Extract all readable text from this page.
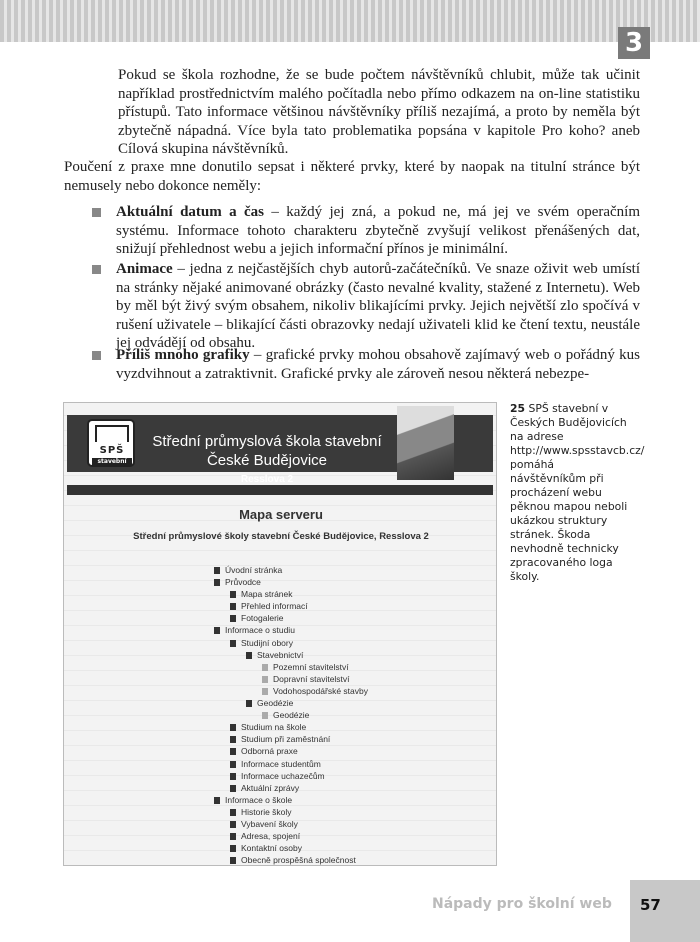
3

Pokud se škola rozhodne, že se bude počtem návštěvníků chlubit, může tak učinit například prostřednictvím malého počítadla nebo přímo odkazem na on-line statistiku přístupů. Tato informace většinou návštěvníky příliš nezajímá, a proto by neměla být zbytečně nápadná. Více byla tato problematika popsána v kapitole Pro koho? aneb Cílová skupina návštěvníků.

Poučení z praxe mne donutilo sepsat i některé prvky, které by naopak na titulní stránce být nemusely nebo dokonce neměly:

Aktuální datum a čas – každý jej zná, a pokud ne, má jej ve svém operačním systému. Informace tohoto charakteru zbytečně zvyšují velikost přenášených dat, snižují přehlednost webu a jejich informační přínos je minimální.
Animace – jedna z nejčastějších chyb autorů-začátečníků. Ve snaze oživit web umístí na stránky nějaké animované obrázky (často nevalné kvality, stažené z Internetu). Web by měl být živý svým obsahem, nikoliv blikajícími prvky. Jejich největší zlo spočívá v rušení uživatele – blikající části obrazovky nedají uživateli klid ke čtení textu, neustále jej odvádějí od obsahu.
Příliš mnoho grafiky – grafické prvky mohou obsahově zajímavý web o pořádný kus vyzdvihnout a zatraktivnit. Grafické prvky ale zároveň nesou některá nebezpe-
SPŠ
stavební
Střední průmyslová škola stavební
České Budějovice
Resslova 2
Mapa serveru
Střední průmyslové školy stavební České Budějovice, Resslova 2
Úvodní stránka
Průvodce
Mapa stránek
Přehled informací
Fotogalerie
Informace o studiu
Studijní obory
Stavebnictví
Pozemní stavitelství
Dopravní stavitelství
Vodohospodářské stavby
Geodézie
Geodézie
Studium na škole
Studium při zaměstnání
Odborná praxe
Informace studentům
Informace uchazečům
Aktuální zprávy
Informace o škole
Historie školy
Vybavení školy
Adresa, spojení
Kontaktní osoby
Obecně prospěšná společnost
25 SPŠ stavební v Českých Budějovicích na adrese http://www.spsstavcb.cz/ pomáhá návštěvníkům při procházení webu pěknou mapou neboli ukázkou struktury stránek. Škoda nevhodně technicky zpracovaného loga školy.
Nápady pro školní web 57
